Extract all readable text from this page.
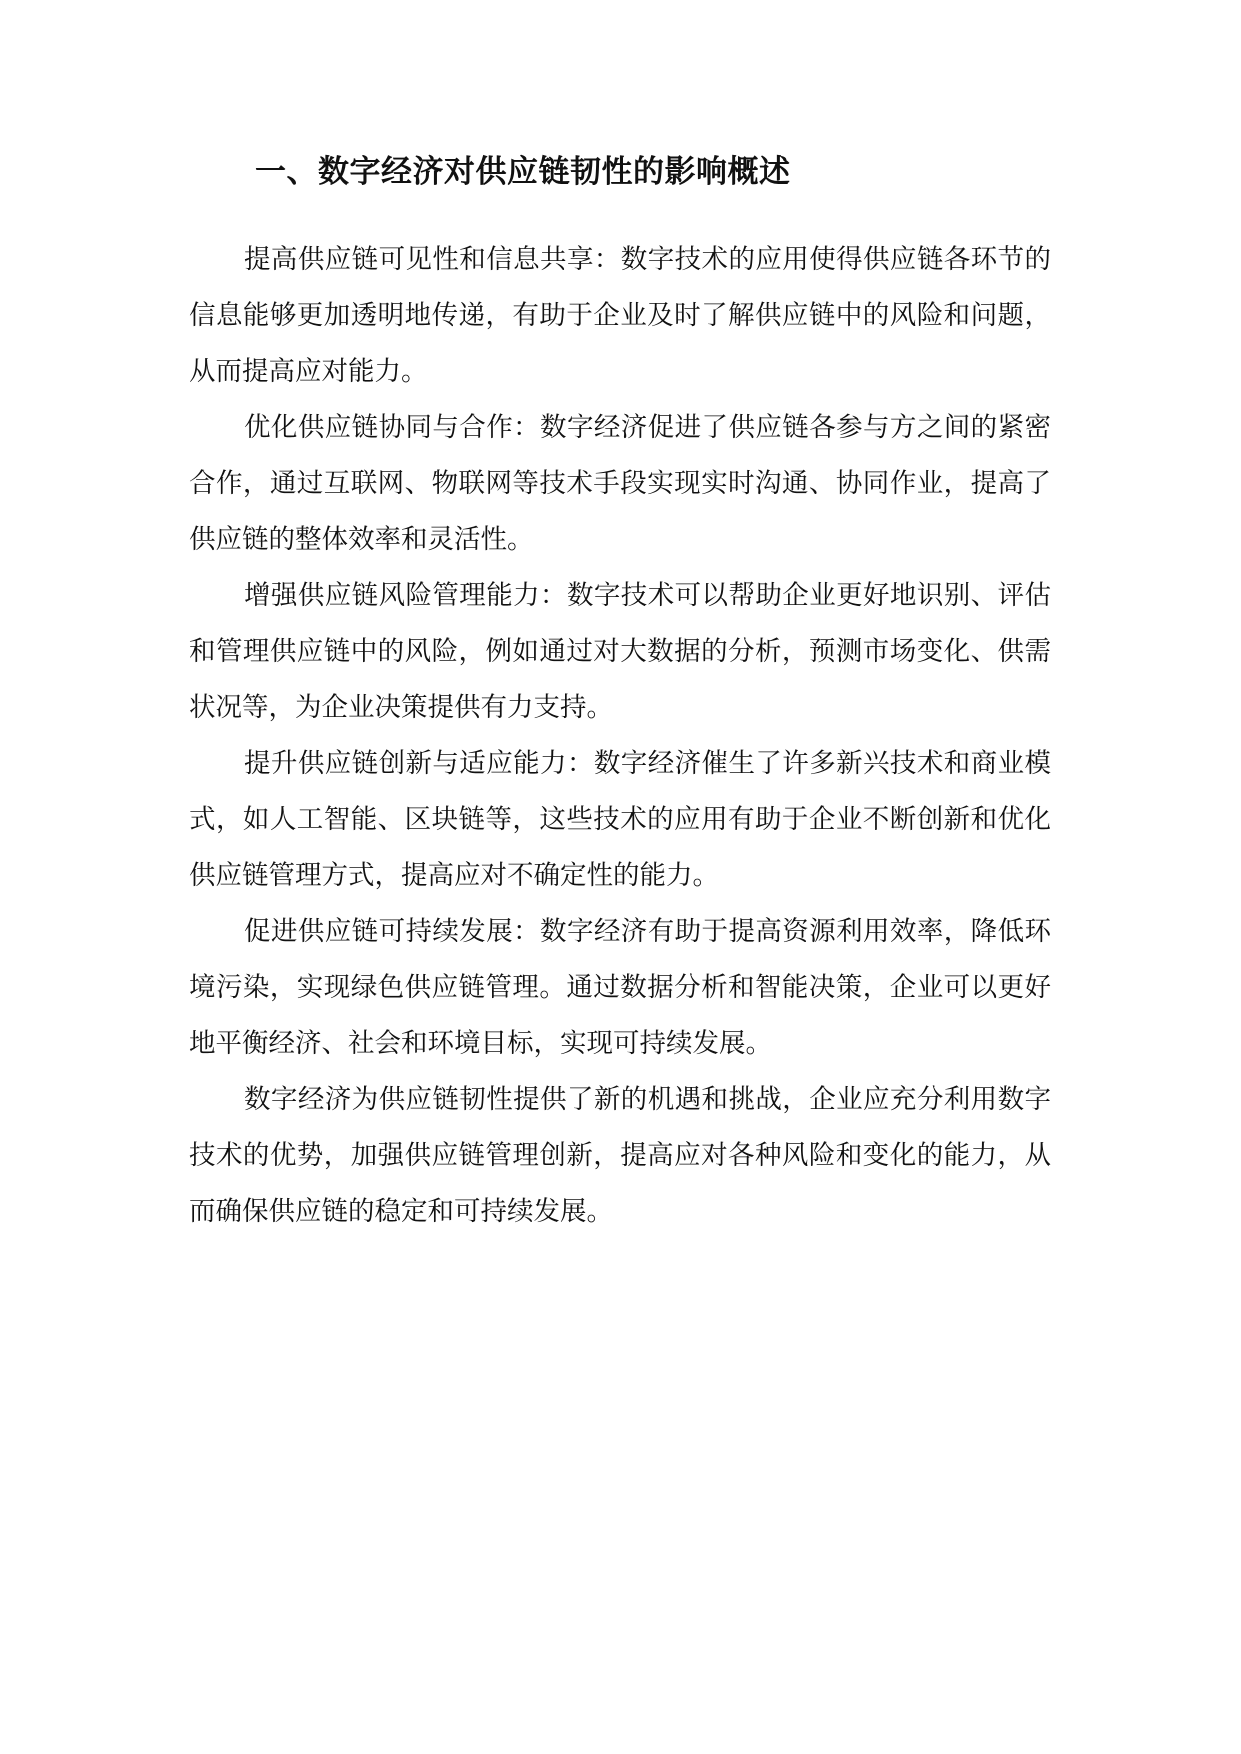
一、数字经济对供应链韧性的影响概述

提高供应链可见性和信息共享：数字技术的应用使得供应链各环节的信息能够更加透明地传递，有助于企业及时了解供应链中的风险和问题，从而提高应对能力。

优化供应链协同与合作：数字经济促进了供应链各参与方之间的紧密合作，通过互联网、物联网等技术手段实现实时沟通、协同作业，提高了供应链的整体效率和灵活性。

增强供应链风险管理能力：数字技术可以帮助企业更好地识别、评估和管理供应链中的风险，例如通过对大数据的分析，预测市场变化、供需状况等，为企业决策提供有力支持。

提升供应链创新与适应能力：数字经济催生了许多新兴技术和商业模式，如人工智能、区块链等，这些技术的应用有助于企业不断创新和优化供应链管理方式，提高应对不确定性的能力。

促进供应链可持续发展：数字经济有助于提高资源利用效率，降低环境污染，实现绿色供应链管理。通过数据分析和智能决策，企业可以更好地平衡经济、社会和环境目标，实现可持续发展。

数字经济为供应链韧性提供了新的机遇和挑战，企业应充分利用数字技术的优势，加强供应链管理创新，提高应对各种风险和变化的能力，从而确保供应链的稳定和可持续发展。
